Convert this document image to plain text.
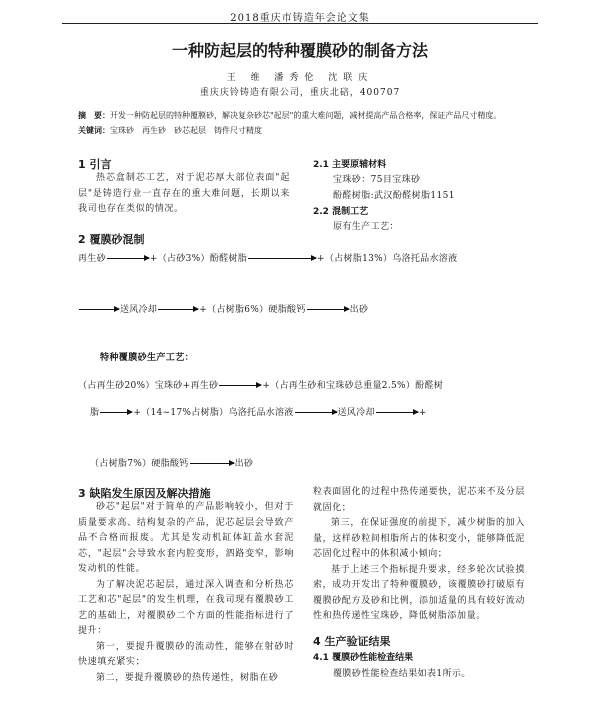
2018重庆市铸造年会论文集
一种防起层的特种覆膜砂的制备方法
王 维 潘秀伦 沈联庆
重庆庆铃铸造有限公司，重庆北碚，400707
摘　要：开发一种防起层的特种覆膜砂，解决复杂砂芯"起层"的重大难问题，减材提高产品合格率，保证产品尺寸精度。
关键词：宝珠砂　再生砂　砂芯起层　铸件尺寸精度
1 引言
热芯盒制芯工艺，对于泥芯厚大部位表面"起层"是铸造行业一直存在的重大难问题，长期以来我司也存在类似的情况。
2.1 主要原辅材料
宝珠砂：75目宝珠砂
酚醛树脂:武汉酚醛树脂1151
2.2 混制工艺
原有生产工艺：
2 覆膜砂混制
再生砂	+（占砂3%）酚醛树脂	+（占树脂13%）乌洛托品水溶液
送风冷却	+（占树脂6%）硬脂酸钙	出砂
特种覆膜砂生产工艺：
（占再生砂20%）宝珠砂+再生砂	+（占再生砂和宝珠砂总重量2.5%）酚醛树
脂	+（14~17%占树脂）乌洛托品水溶液	送风冷却	+
（占树脂7%）硬脂酸钙	出砂
3 缺陷发生原因及解决措施

砂芯"起层"对于简单的产品影响较小，但对于质量要求高、结构复杂的产品，泥芯起层会导致产品不合格而报废。尤其是发动机缸体缸盖水套泥芯，"起层"会导致水套内腔变形，泗路变窄，影响发动机的性能。

为了解决泥芯起层，通过深入调查和分析热芯工艺和芯"起层"的发生机理，在我司现有覆膜砂工艺的基础上，对覆膜砂二个方面的性能指标进行了提升：

第一，要提升覆膜砂的流动性，能够在射砂时快速填充紧实；

第二，要提升覆膜砂的热传递性，树脂在砂

粒表面固化的过程中热传递要快，泥芯来不及分层就固化；

第三，在保证强度的前提下，减少树脂的加入量，这样砂粒间相脂所占的体积变小，能够降低泥芯固化过程中的体积减小倾向；

基于上述三个指标提升要求，经多轮次试验摸索，成功开发出了特种覆膜砂，该覆膜砂打破原有覆膜砂配方及砂和比例，添加适量的具有较好流动性和热传递性宝珠砂，降低树脂添加量。

4 生产验证结果
4.1 覆膜砂性能检查结果
覆膜砂性能检查结果如表1所示。
